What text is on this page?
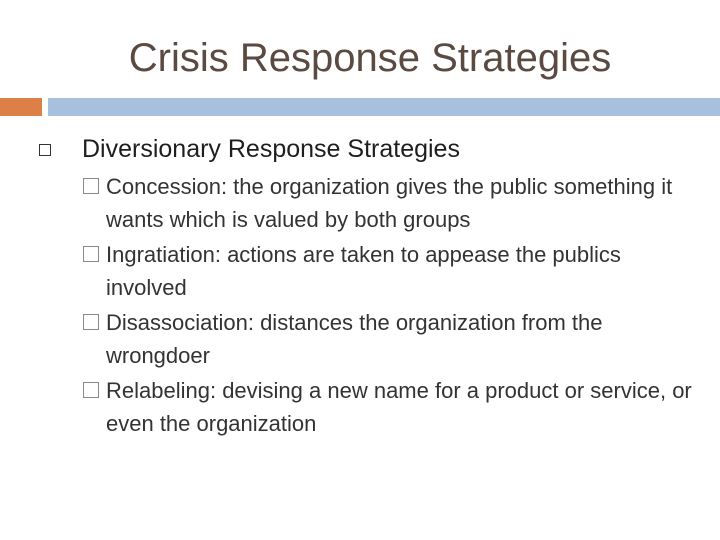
Crisis Response Strategies
Diversionary Response Strategies
Concession: the organization gives the public something it wants which is valued by both groups
Ingratiation: actions are taken to appease the publics involved
Disassociation: distances the organization from the wrongdoer
Relabeling: devising a new name for a product or service, or even the organization
